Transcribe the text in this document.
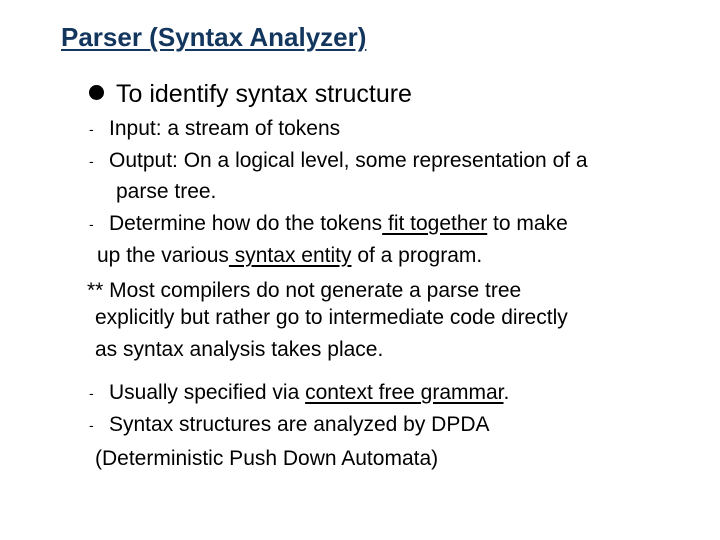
Parser (Syntax Analyzer)
To identify syntax structure
- Input: a stream of tokens
- Output: On a logical level, some representation of a
parse tree.
- Determine how do the tokens fit together to make
up the various syntax entity of a program.
** Most compilers do not generate a parse tree
explicitly but rather go to intermediate code directly
as syntax analysis takes place.
- Usually specified via context free grammar.
- Syntax structures are analyzed by DPDA
(Deterministic Push Down Automata)
